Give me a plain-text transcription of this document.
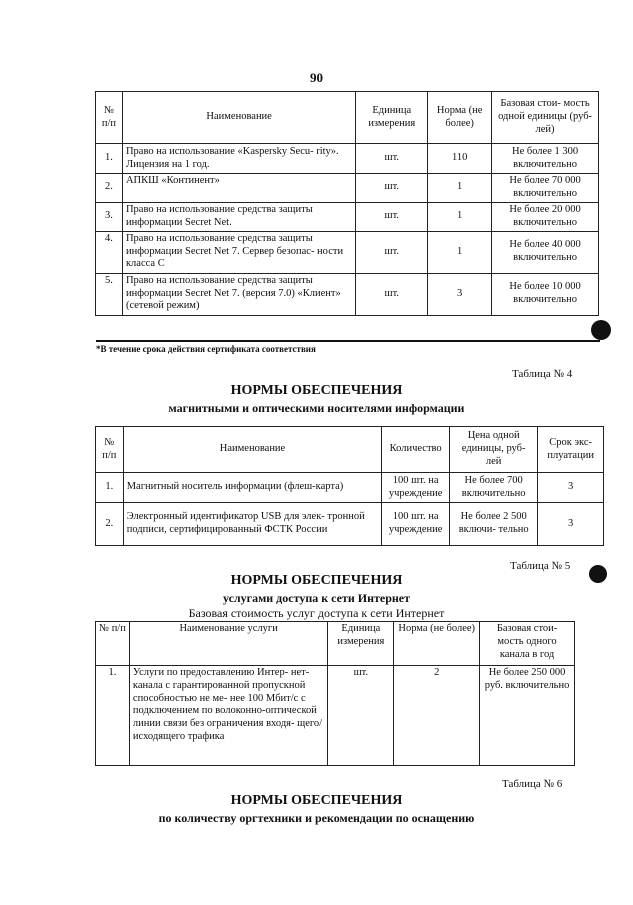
90
№ п/п	Наименование	Единица измерения	Норма (не более)	Базовая стои- мость одной единицы (руб- лей)
1.	Право на использование «Kaspersky Secu- rity». Лицензия на 1 год.	шт.	110	Не более 1 300 включительно
2.	АПКШ «Континент»	шт.	1	Не более 70 000 включительно
3.	Право на использование средства защиты информации Secret Net.	шт.	1	Не более 20 000 включительно
4.	Право на использование средства защиты информации Secret Net 7. Сервер безопас- ности класса С	шт.	1	Не более 40 000 включительно
5.	Право на использование средства защиты информации Secret Net 7. (версия 7.0) «Клиент» (сетевой режим)	шт.	3	Не более 10 000 включительно
*В течение срока действия сертификата соответствия
Таблица № 4
НОРМЫ ОБЕСПЕЧЕНИЯ
магнитными и оптическими носителями информации
№ п/п	Наименование	Количество	Цена одной единицы, руб- лей	Срок экс- плуатации
1.	Магнитный носитель информации (флеш-карта)	100 шт. на учреждение	Не более 700 включительно	3
2.	Электронный идентификатор USB для элек- тронной подписи, сертифицированный ФСТК России	100 шт. на учреждение	Не более 2 500 включи- тельно	3
Таблица № 5
НОРМЫ ОБЕСПЕЧЕНИЯ
услугами доступа к сети Интернет
Базовая стоимость услуг доступа к сети Интернет
№ п/п	Наименование услуги	Единица измерения	Норма (не более)	Базовая стои- мость одного канала в год
1.	Услуги по предоставлению Интер- нет-канала с гарантированной пропускной способностью не ме- нее 100 Мбит/с с подключением по волоконно-оптической линии связи без ограничения входя- щего/исходящего трафика	шт.	2	Не более 250 000 руб. включительно
Таблица № 6
НОРМЫ ОБЕСПЕЧЕНИЯ
по количеству оргтехники и рекомендации по оснащению
